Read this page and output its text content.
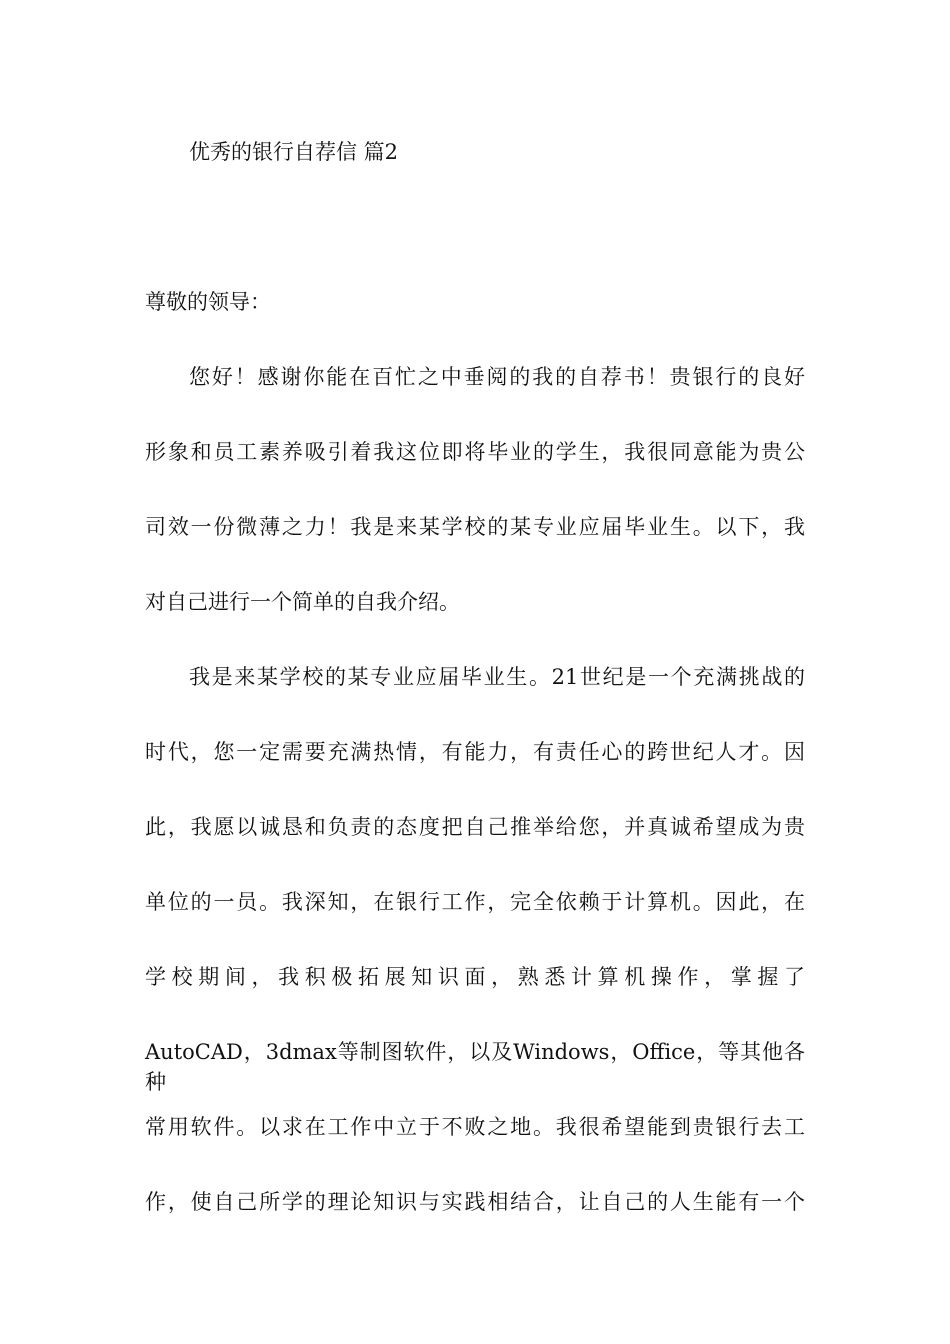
优秀的银行自荐信 篇2
尊敬的领导：
您好！感谢你能在百忙之中垂阅的我的自荐书！贵银行的良好
形象和员工素养吸引着我这位即将毕业的学生，我很同意能为贵公
司效一份微薄之力！我是来某学校的某专业应届毕业生。以下，我
对自己进行一个简单的自我介绍。
我是来某学校的某专业应届毕业生。21世纪是一个充满挑战的
时代，您一定需要充满热情，有能力，有责任心的跨世纪人才。因
此，我愿以诚恳和负责的态度把自己推举给您，并真诚希望成为贵
单位的一员。我深知，在银行工作，完全依赖于计算机。因此，在
学校期间，我积极拓展知识面，熟悉计算机操作，掌握了
AutoCAD，3dmax等制图软件，以及Windows，Office，等其他各种
常用软件。以求在工作中立于不败之地。我很希望能到贵银行去工
作，使自己所学的理论知识与实践相结合，让自己的人生能有一个
